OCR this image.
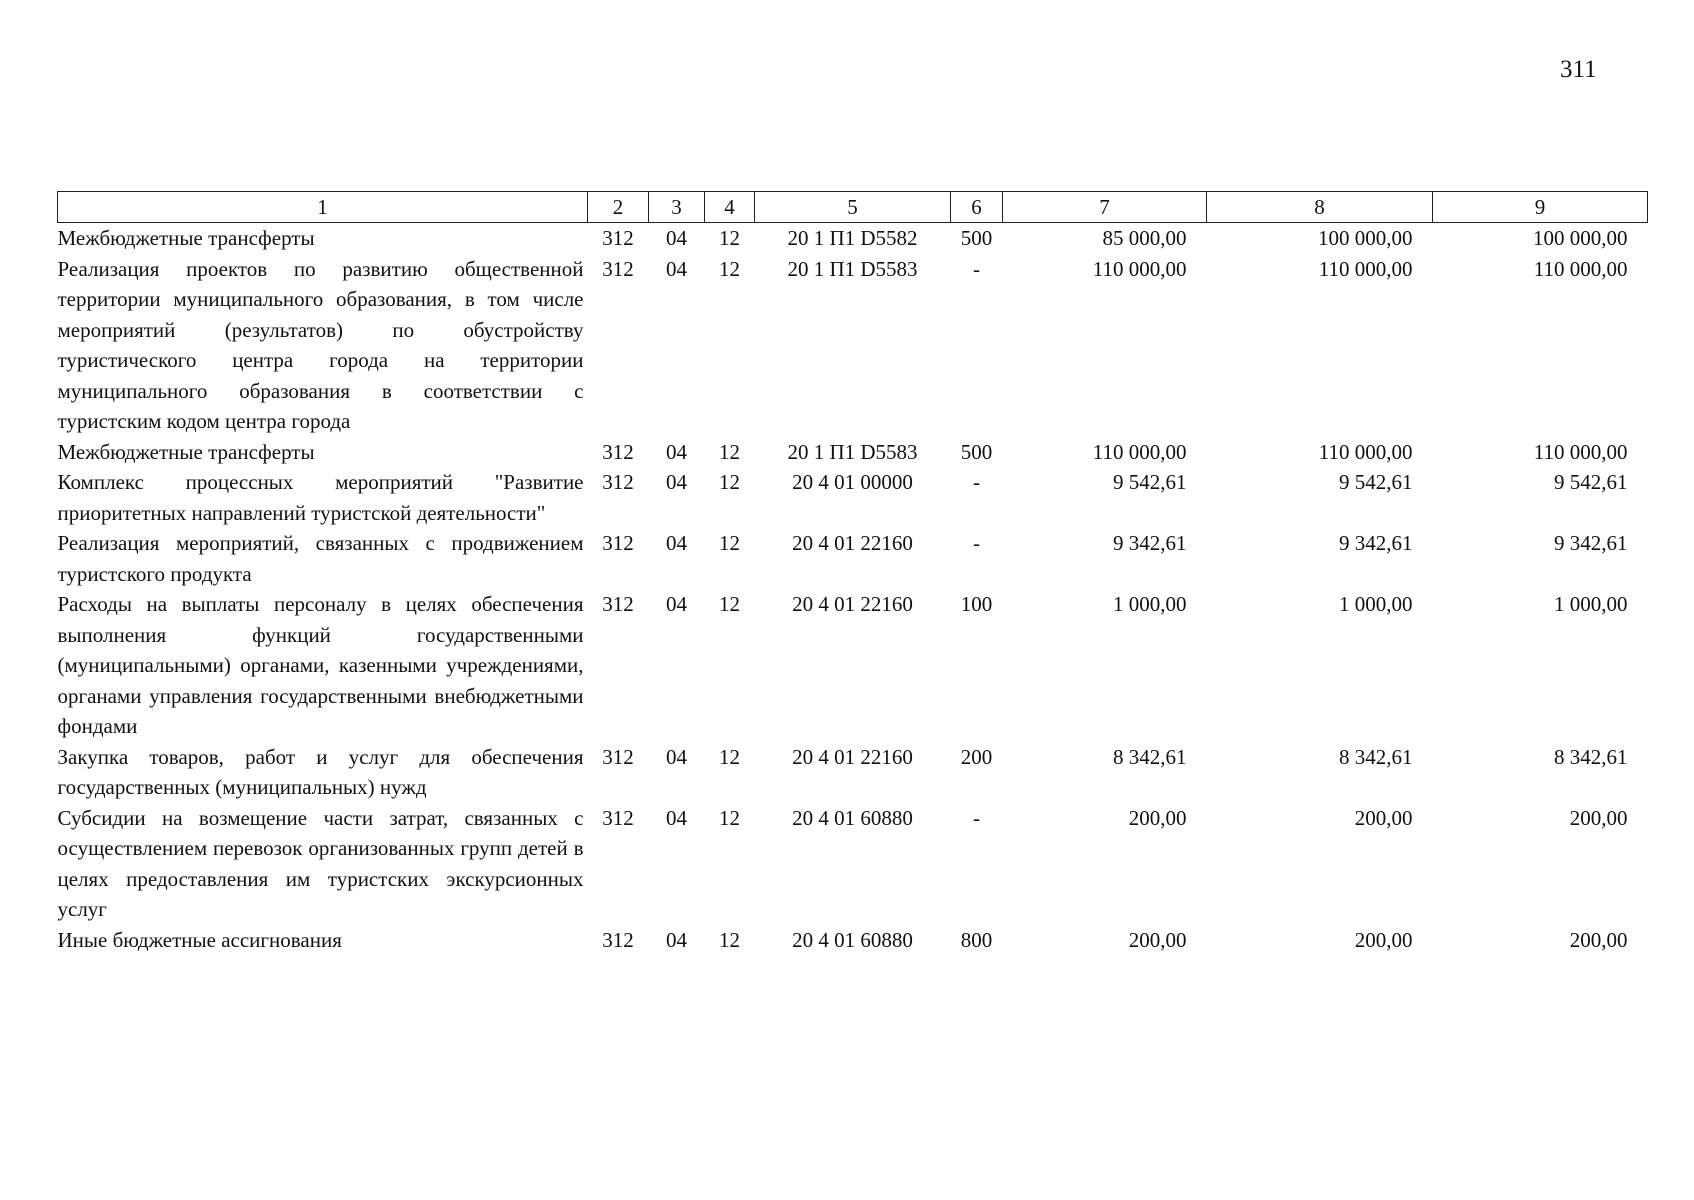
311
1	2	3	4	5	6	7	8	9
Межбюджетные трансферты	312	04	12	20 1 П1 D5582	500	85 000,00	100 000,00	100 000,00
Реализация проектов по развитию общественной территории муниципального образования, в том числе мероприятий (результатов) по обустройству туристического центра города на территории муниципального образования в соответствии с туристским кодом центра города	312	04	12	20 1 П1 D5583	-	110 000,00	110 000,00	110 000,00
Межбюджетные трансферты	312	04	12	20 1 П1 D5583	500	110 000,00	110 000,00	110 000,00
Комплекс процессных мероприятий "Развитие приоритетных направлений туристской деятельности"	312	04	12	20 4 01 00000	-	9 542,61	9 542,61	9 542,61
Реализация мероприятий, связанных с продвижением туристского продукта	312	04	12	20 4 01 22160	-	9 342,61	9 342,61	9 342,61
Расходы на выплаты персоналу в целях обеспечения выполнения функций государственными (муниципальными) органами, казенными учреждениями, органами управления государственными внебюджетными фондами	312	04	12	20 4 01 22160	100	1 000,00	1 000,00	1 000,00
Закупка товаров, работ и услуг для обеспечения государственных (муниципальных) нужд	312	04	12	20 4 01 22160	200	8 342,61	8 342,61	8 342,61
Субсидии на возмещение части затрат, связанных с осуществлением перевозок организованных групп детей в целях предоставления им туристских экскурсионных услуг	312	04	12	20 4 01 60880	-	200,00	200,00	200,00
Иные бюджетные ассигнования	312	04	12	20 4 01 60880	800	200,00	200,00	200,00
